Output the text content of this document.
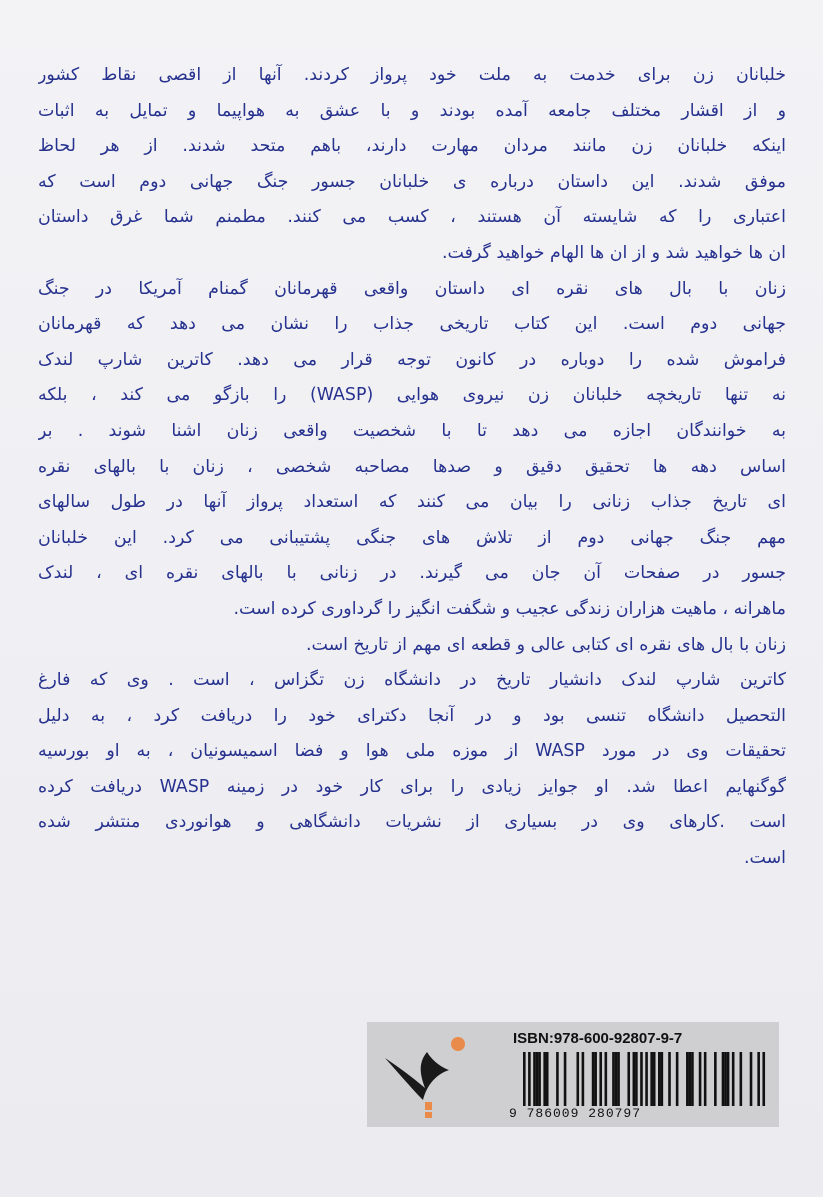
خلبانان زن برای خدمت به ملت خود پرواز کردند. آنها از اقصی نقاط کشور
و از اقشار مختلف جامعه آمده بودند و با عشق به هواپیما و تمایل به اثبات
اینکه خلبانان زن مانند مردان مهارت دارند، باهم متحد شدند. از هر لحاظ
موفق شدند. این داستان درباره ی خلبانان جسور جنگ جهانی دوم است که
اعتباری را که شایسته آن هستند ، کسب می کنند. مطمنم شما غرق داستان
ان ها خواهید شد و از ان ها الهام خواهید گرفت.
زنان با بال های نقره ای داستان واقعی قهرمانان گمنام آمریکا در جنگ
جهانی دوم است. این کتاب تاریخی جذاب را نشان می دهد که قهرمانان
فراموش شده را دوباره در کانون توجه قرار می دهد. کاترین شارپ لندک
نه تنها تاریخچه خلبانان زن نیروی هوایی (WASP) را بازگو می کند ، بلکه
به خوانندگان اجازه می دهد تا با شخصیت واقعی زنان اشنا شوند . بر
اساس دهه ها تحقیق دقیق و صدها مصاحبه شخصی ، زنان با بالهای نقره
ای تاریخ جذاب زنانی را بیان می کنند که استعداد پرواز آنها در طول سالهای
مهم جنگ جهانی دوم از تلاش های جنگی پشتیبانی می کرد. این خلبانان
جسور در صفحات آن جان می گیرند. در زنانی با بالهای نقره ای ، لندک
ماهرانه ، ماهیت هزاران زندگی عجیب و شگفت انگیز را گرداوری کرده است.
زنان با بال های نقره ای کتابی عالی و قطعه ای مهم از تاریخ است.
کاترین شارپ لندک دانشیار تاریخ در دانشگاه زن تگزاس ، است . وی که فارغ
التحصیل دانشگاه تنسی بود و در آنجا دکترای خود را دریافت کرد ، به دلیل
تحقیقات وی در مورد WASP از موزه ملی هوا و فضا اسمیسونیان ، به او بورسیه
گوگنهایم اعطا شد. او جوایز زیادی را برای کار خود در زمینه WASP دریافت کرده
است .کارهای وی در بسیاری از نشریات دانشگاهی و هوانوردی منتشر شده
است.
ISBN:978-600-92807-9-7
9 786009 280797
